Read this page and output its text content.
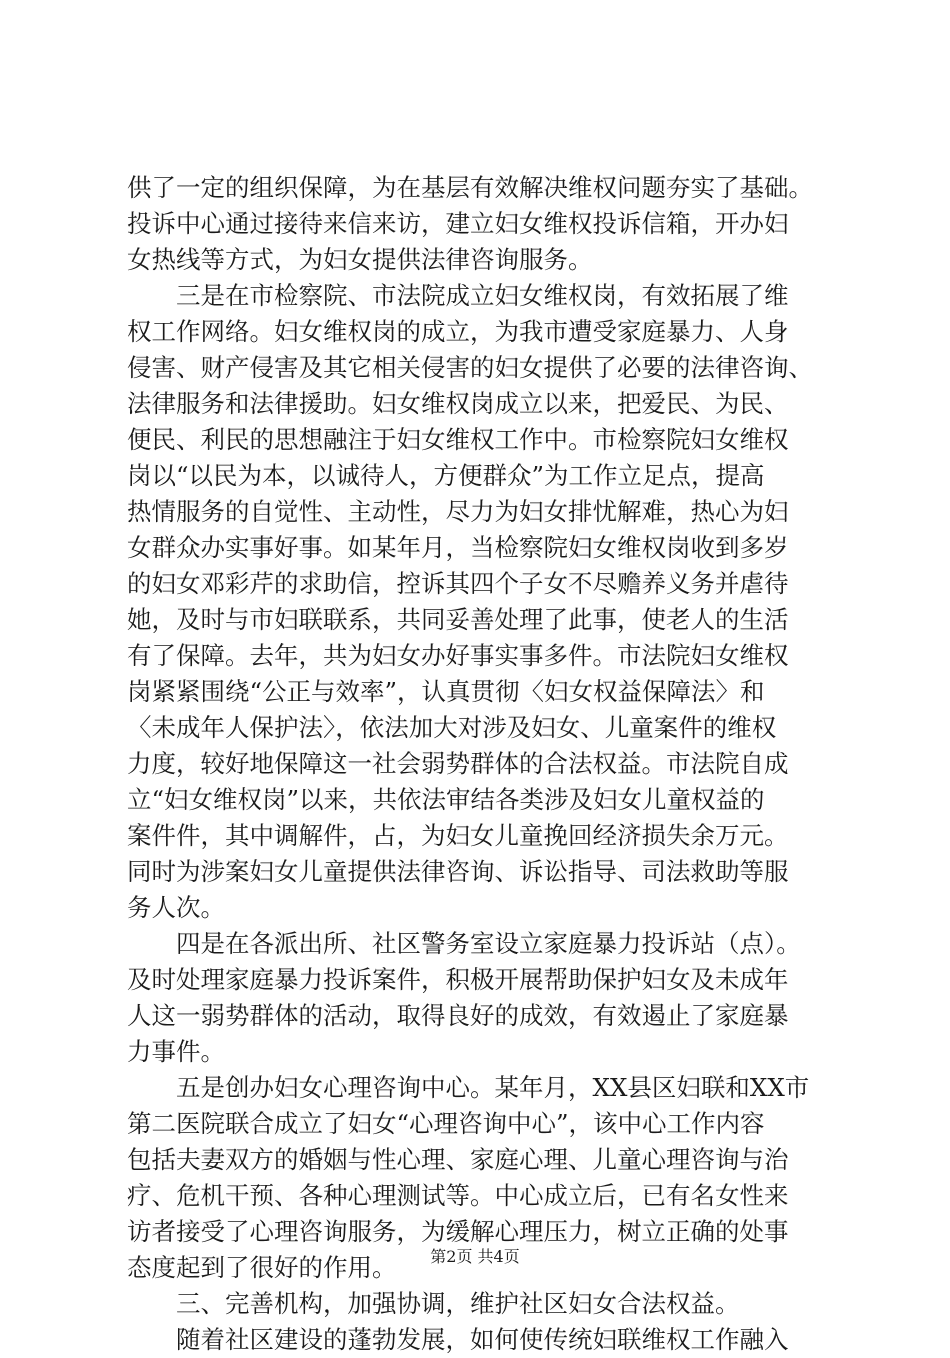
供了一定的组织保障，为在基层有效解决维权问题夯实了基础。
投诉中心通过接待来信来访，建立妇女维权投诉信箱，开办妇
女热线等方式，为妇女提供法律咨询服务。
三是在市检察院、市法院成立妇女维权岗，有效拓展了维
权工作网络。妇女维权岗的成立，为我市遭受家庭暴力、人身
侵害、财产侵害及其它相关侵害的妇女提供了必要的法律咨询、
法律服务和法律援助。妇女维权岗成立以来，把爱民、为民、
便民、利民的思想融注于妇女维权工作中。市检察院妇女维权
岗以“以民为本，以诚待人，方便群众”为工作立足点，提高
热情服务的自觉性、主动性，尽力为妇女排忧解难，热心为妇
女群众办实事好事。如某年月，当检察院妇女维权岗收到多岁
的妇女邓彩芹的求助信，控诉其四个子女不尽赡养义务并虐待
她，及时与市妇联联系，共同妥善处理了此事，使老人的生活
有了保障。去年，共为妇女办好事实事多件。市法院妇女维权
岗紧紧围绕“公正与效率”，认真贯彻〈妇女权益保障法〉和
〈未成年人保护法〉，依法加大对涉及妇女、儿童案件的维权
力度，较好地保障这一社会弱势群体的合法权益。市法院自成
立“妇女维权岗”以来，共依法审结各类涉及妇女儿童权益的
案件件，其中调解件，占，为妇女儿童挽回经济损失余万元。
同时为涉案妇女儿童提供法律咨询、诉讼指导、司法救助等服
务人次。
四是在各派出所、社区警务室设立家庭暴力投诉站（点）。
及时处理家庭暴力投诉案件，积极开展帮助保护妇女及未成年
人这一弱势群体的活动，取得良好的成效，有效遏止了家庭暴
力事件。
五是创办妇女心理咨询中心。某年月，XX县区妇联和XX市
第二医院联合成立了妇女“心理咨询中心”，该中心工作内容
包括夫妻双方的婚姻与性心理、家庭心理、儿童心理咨询与治
疗、危机干预、各种心理测试等。中心成立后，已有名女性来
访者接受了心理咨询服务，为缓解心理压力，树立正确的处事
态度起到了很好的作用。
三、完善机构，加强协调，维护社区妇女合法权益。
随着社区建设的蓬勃发展，如何使传统妇联维权工作融入
第2页 共4页
